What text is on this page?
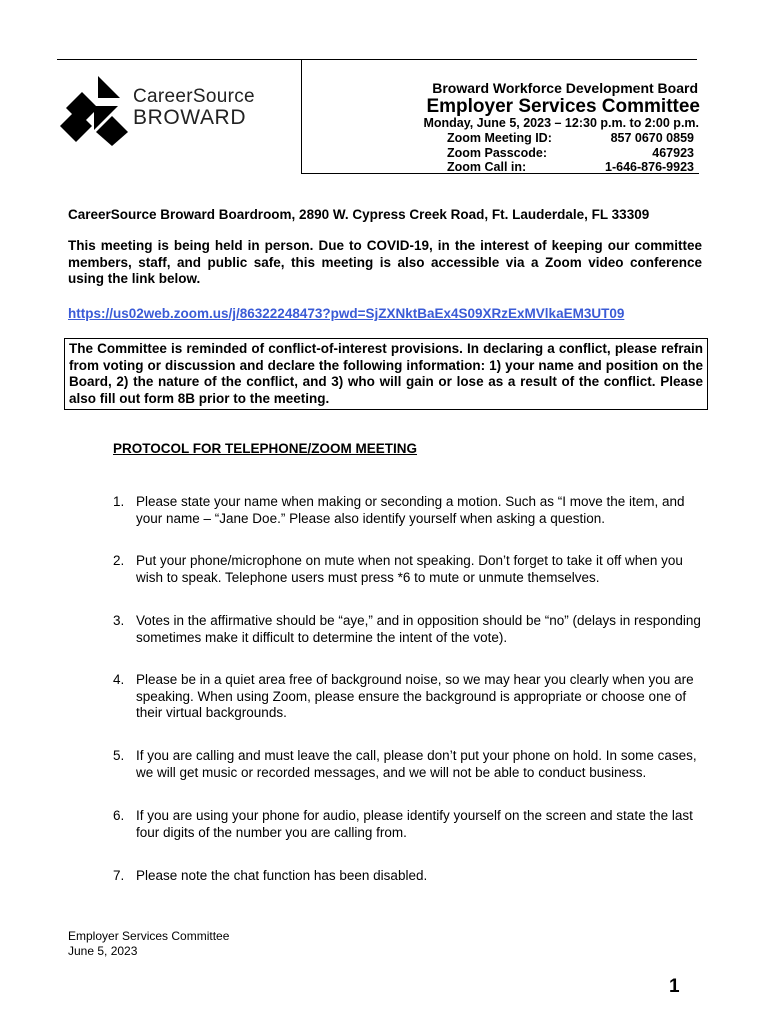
CareerSource
BROWARD
Broward Workforce Development Board
Employer Services Committee
Monday, June 5, 2023 – 12:30 p.m. to 2:00 p.m.
Zoom Meeting ID:	857 0670 0859
Zoom Passcode:	467923
Zoom Call in:	1-646-876-9923
CareerSource Broward Boardroom, 2890 W. Cypress Creek Road, Ft. Lauderdale, FL 33309
This meeting is being held in person. Due to COVID-19, in the interest of keeping our committee members, staff, and public safe, this meeting is also accessible via a Zoom video conference using the link below.
https://us02web.zoom.us/j/86322248473?pwd=SjZXNktBaEx4S09XRzExMVlkaEM3UT09
The Committee is reminded of conflict-of-interest provisions. In declaring a conflict, please refrain from voting or discussion and declare the following information: 1) your name and position on the Board, 2) the nature of the conflict, and 3) who will gain or lose as a result of the conflict. Please also fill out form 8B prior to the meeting.
PROTOCOL FOR TELEPHONE/ZOOM MEETING
1. Please state your name when making or seconding a motion. Such as “I move the item, and your name – “Jane Doe.” Please also identify yourself when asking a question.
2. Put your phone/microphone on mute when not speaking. Don’t forget to take it off when you wish to speak. Telephone users must press *6 to mute or unmute themselves.
3. Votes in the affirmative should be “aye,” and in opposition should be “no” (delays in responding sometimes make it difficult to determine the intent of the vote).
4. Please be in a quiet area free of background noise, so we may hear you clearly when you are speaking. When using Zoom, please ensure the background is appropriate or choose one of their virtual backgrounds.
5. If you are calling and must leave the call, please don’t put your phone on hold. In some cases, we will get music or recorded messages, and we will not be able to conduct business.
6. If you are using your phone for audio, please identify yourself on the screen and state the last four digits of the number you are calling from.
7. Please note the chat function has been disabled.
Employer Services Committee
June 5, 2023
1
